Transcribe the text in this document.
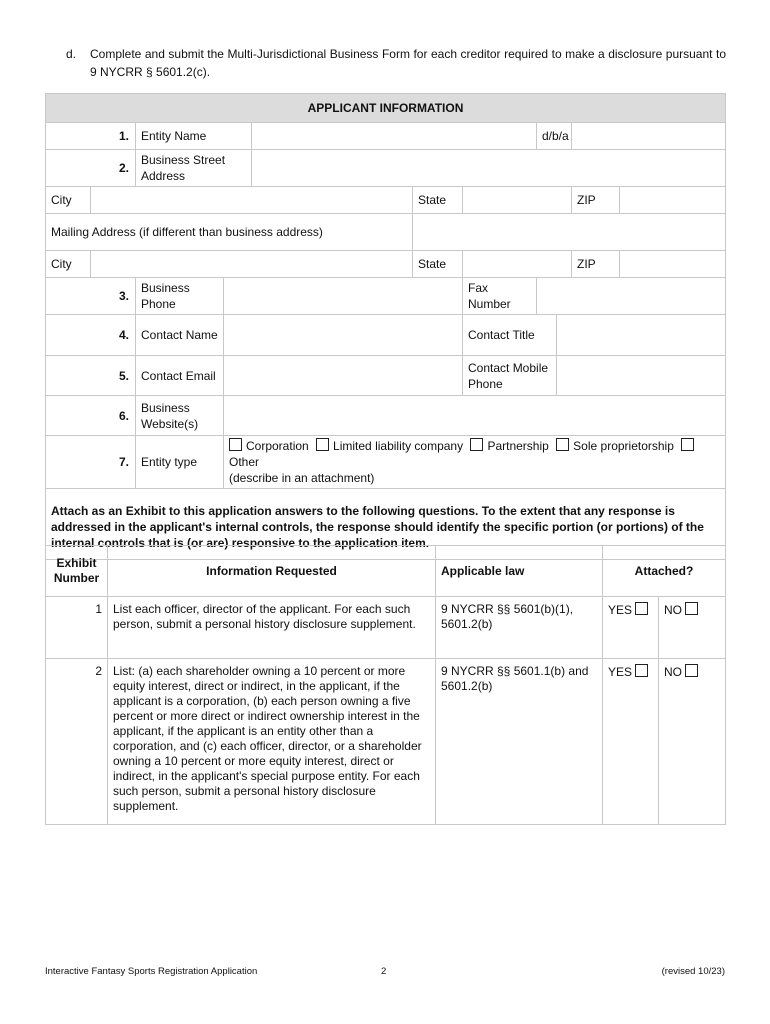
d. Complete and submit the Multi-Jurisdictional Business Form for each creditor required to make a disclosure pursuant to 9 NYCRR § 5601.2(c).
APPLICANT INFORMATION										
1.		Entity Name					d/b/a			
2.		Business Street Address								
City					State				ZIP	
Mailing Address (if different than business address)										
City					State				ZIP	
3.		Business Phone				Fax Number				
4.		Contact Name				Contact Title				
5.		Contact Email				Contact Mobile Phone				
6.		Business Website(s)								
7.		Entity type	Corporation Limited liability company Partnership Sole proprietorship Other
(describe in an attachment)							
Attach as an Exhibit to this application answers to the following questions. To the extent that any response is addressed in the applicant's internal controls, the response should identify the specific portion (or portions) of the internal controls that is (or are) responsive to the application item.										
Exhibit Number	Information Requested	Applicable law	Attached?	
1	List each officer, director of the applicant. For each such person, submit a personal history disclosure supplement.	9 NYCRR §§ 5601(b)(1), 5601.2(b)	YES	NO
2	List: (a) each shareholder owning a 10 percent or more equity interest, direct or indirect, in the applicant, if the applicant is a corporation, (b) each person owning a five percent or more direct or indirect ownership interest in the applicant, if the applicant is an entity other than a corporation, and (c) each officer, director, or a shareholder owning a 10 percent or more equity interest, direct or indirect, in the applicant's special purpose entity. For each such person, submit a personal history disclosure supplement.	9 NYCRR §§ 5601.1(b) and 5601.2(b)	YES	NO
Interactive Fantasy Sports Registration Application	2	(revised 10/23)
